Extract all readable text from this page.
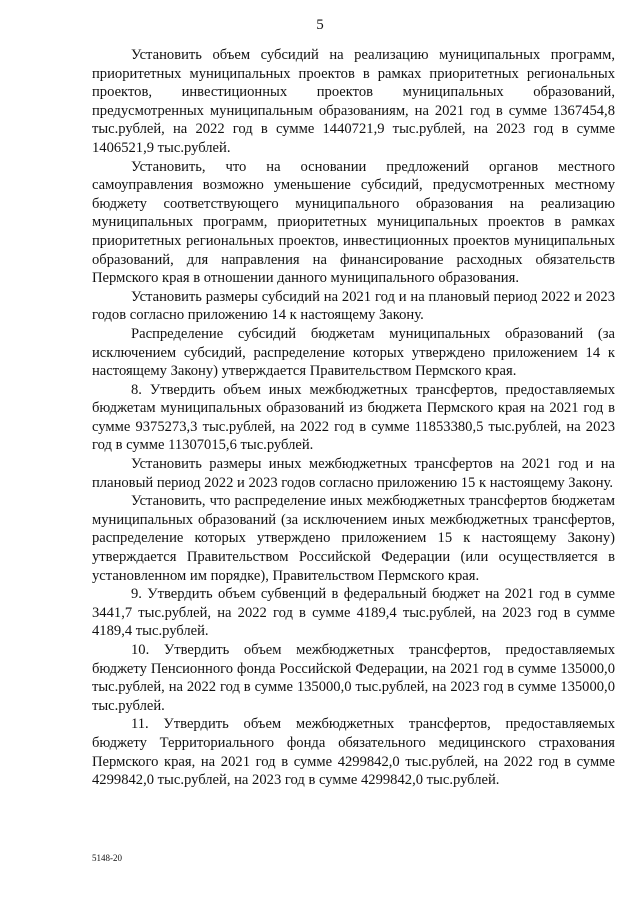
5

Установить объем субсидий на реализацию муниципальных программ, приоритетных муниципальных проектов в рамках приоритетных региональных проектов, инвестиционных проектов муниципальных образований, предусмотренных муниципальным образованиям, на 2021 год в сумме 1367454,8 тыс.рублей, на 2022 год в сумме 1440721,9 тыс.рублей, на 2023 год в сумме 1406521,9 тыс.рублей.

Установить, что на основании предложений органов местного самоуправления возможно уменьшение субсидий, предусмотренных местному бюджету соответствующего муниципального образования на реализацию муниципальных программ, приоритетных муниципальных проектов в рамках приоритетных региональных проектов, инвестиционных проектов муниципальных образований, для направления на финансирование расходных обязательств Пермского края в отношении данного муниципального образования.

Установить размеры субсидий на 2021 год и на плановый период 2022 и 2023 годов согласно приложению 14 к настоящему Закону.

Распределение субсидий бюджетам муниципальных образований (за исключением субсидий, распределение которых утверждено приложением 14 к настоящему Закону) утверждается Правительством Пермского края.

8. Утвердить объем иных межбюджетных трансфертов, предоставляемых бюджетам муниципальных образований из бюджета Пермского края на 2021 год в сумме 9375273,3 тыс.рублей, на 2022 год в сумме 11853380,5 тыс.рублей, на 2023 год в сумме 11307015,6 тыс.рублей.

Установить размеры иных межбюджетных трансфертов на 2021 год и на плановый период 2022 и 2023 годов согласно приложению 15 к настоящему Закону.

Установить, что распределение иных межбюджетных трансфертов бюджетам муниципальных образований (за исключением иных межбюджетных трансфертов, распределение которых утверждено приложением 15 к настоящему Закону) утверждается Правительством Российской Федерации (или осуществляется в установленном им порядке), Правительством Пермского края.

9. Утвердить объем субвенций в федеральный бюджет на 2021 год в сумме 3441,7 тыс.рублей, на 2022 год в сумме 4189,4 тыс.рублей, на 2023 год в сумме 4189,4 тыс.рублей.

10. Утвердить объем межбюджетных трансфертов, предоставляемых бюджету Пенсионного фонда Российской Федерации, на 2021 год в сумме 135000,0 тыс.рублей, на 2022 год в сумме 135000,0 тыс.рублей, на 2023 год в сумме 135000,0 тыс.рублей.

11. Утвердить объем межбюджетных трансфертов, предоставляемых бюджету Территориального фонда обязательного медицинского страхования Пермского края, на 2021 год в сумме 4299842,0 тыс.рублей, на 2022 год в сумме 4299842,0 тыс.рублей, на 2023 год в сумме 4299842,0 тыс.рублей.

5148-20
